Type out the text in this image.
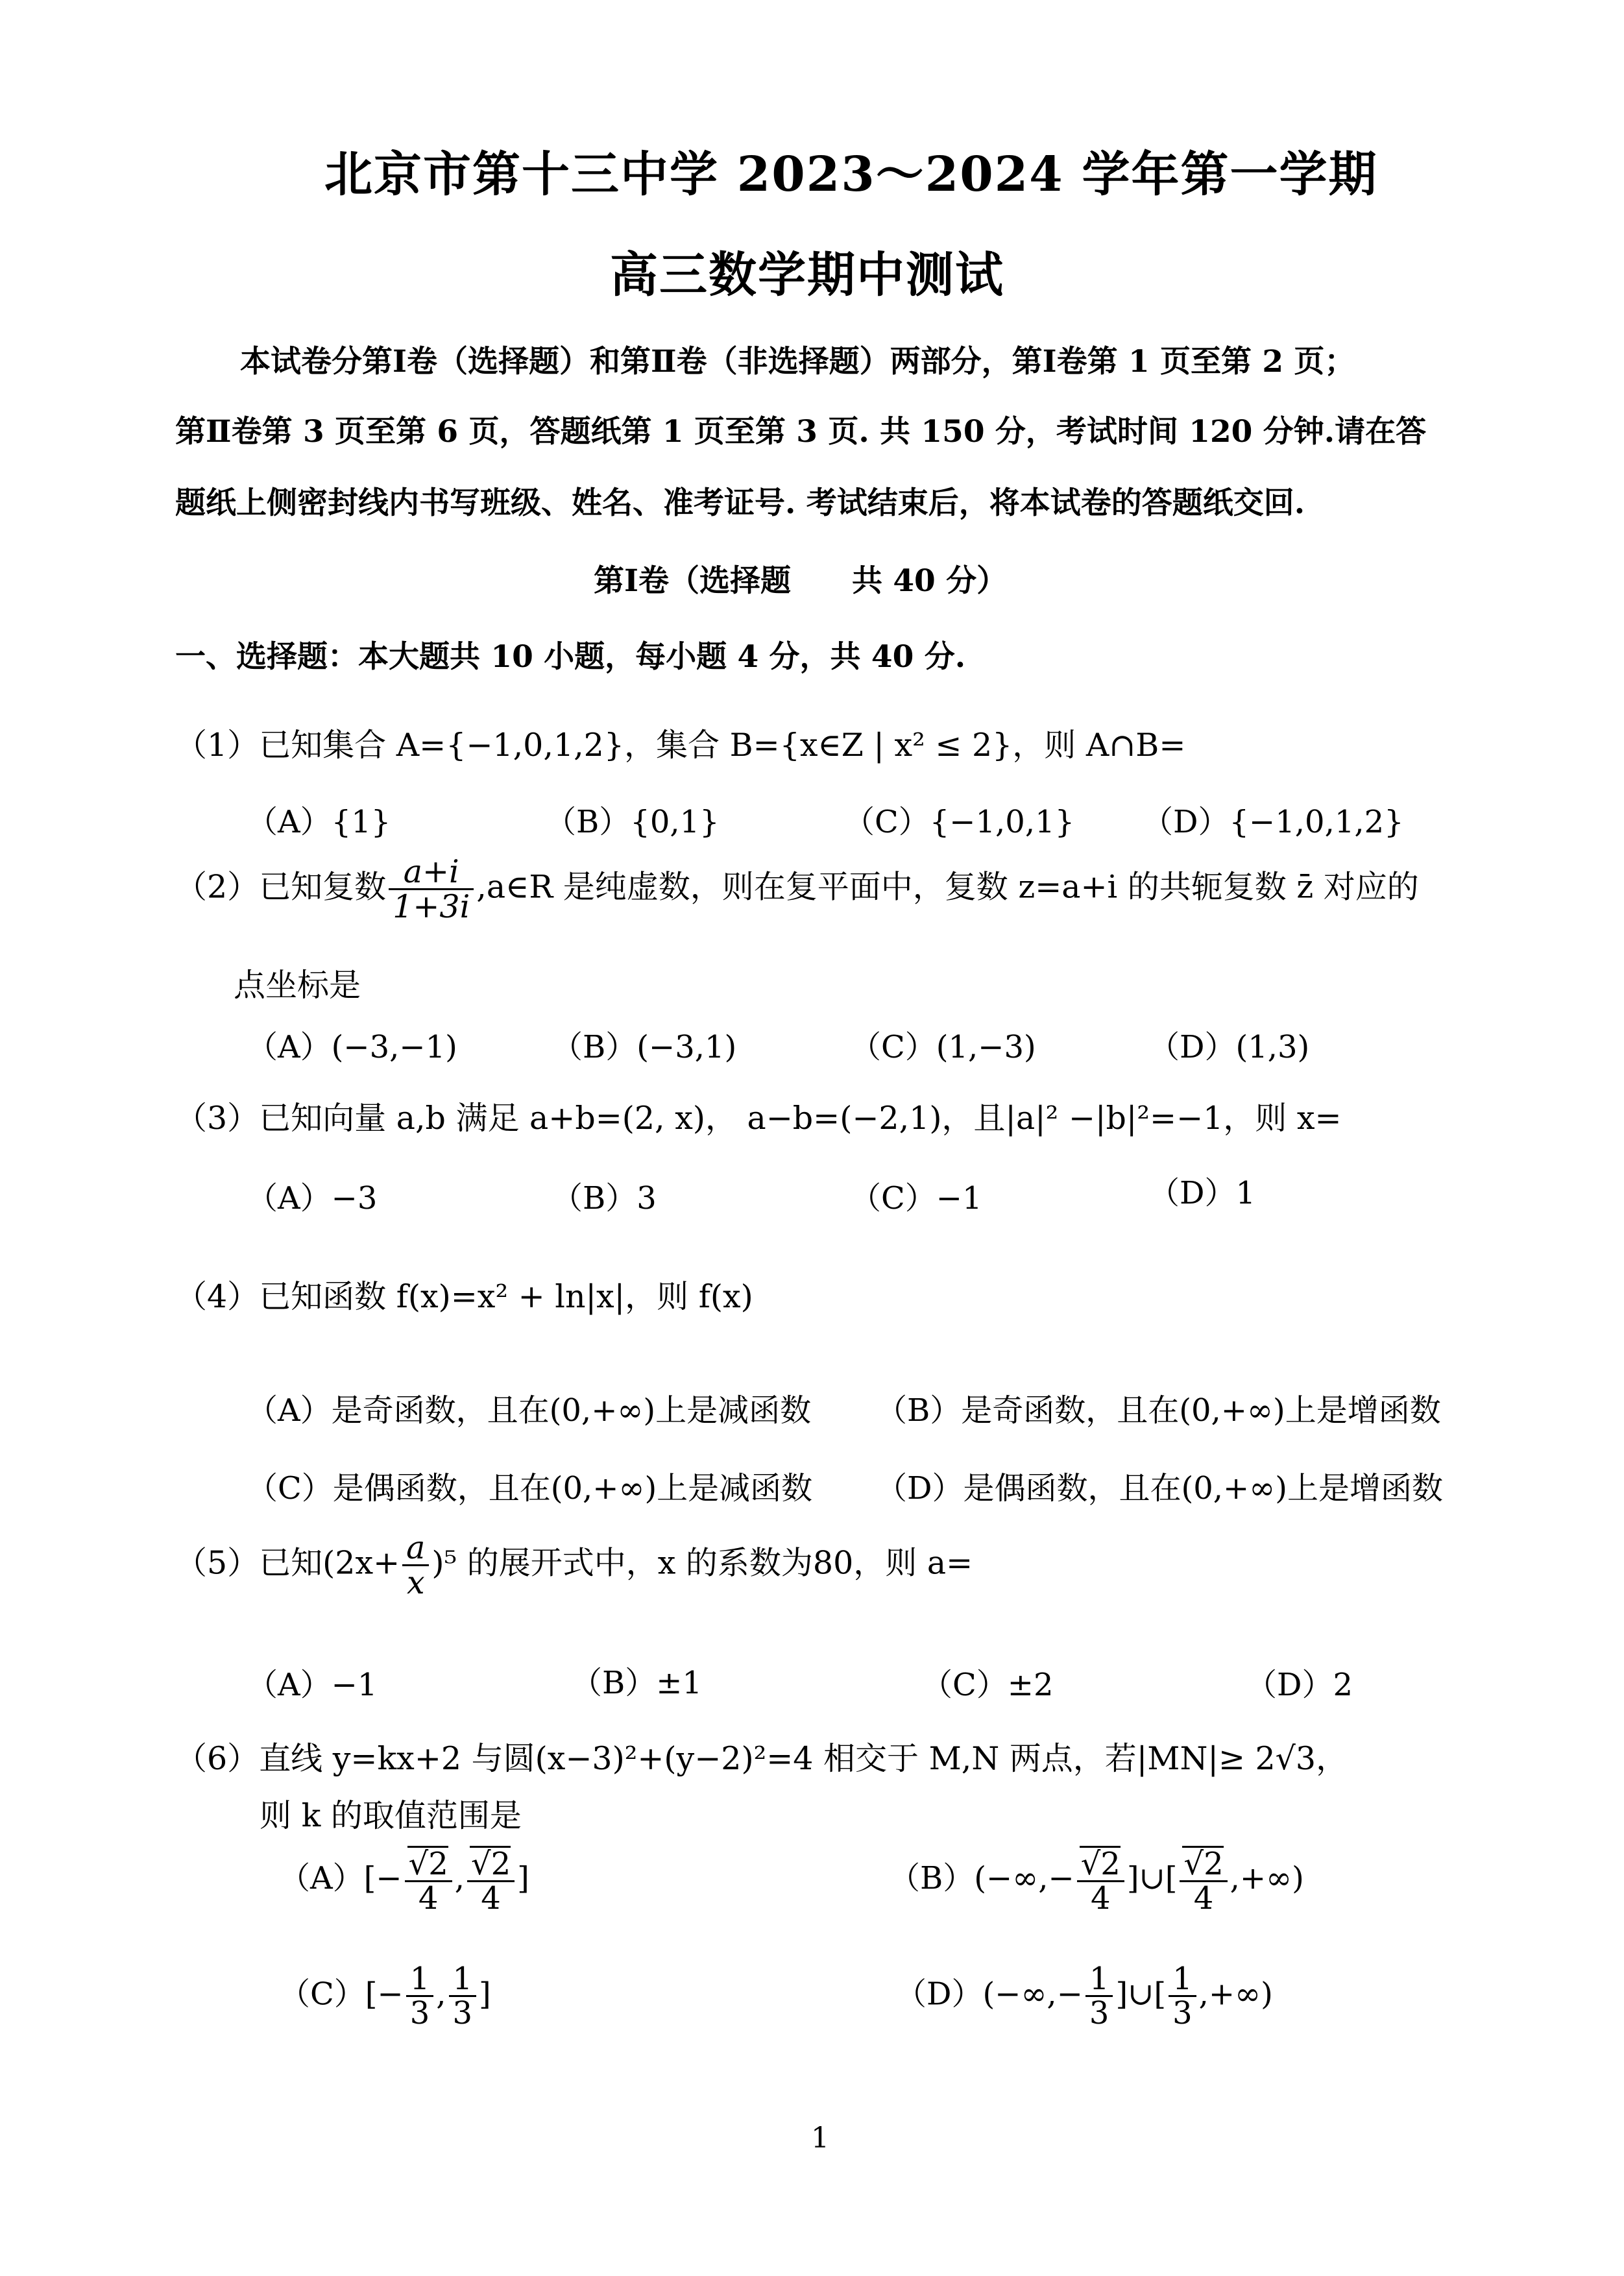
北京市第十三中学 2023～2024 学年第一学期
高三数学期中测试
本试卷分第Ⅰ卷（选择题）和第Ⅱ卷（非选择题）两部分，第Ⅰ卷第 1 页至第 2 页；
第Ⅱ卷第 3 页至第 6 页，答题纸第 1 页至第 3 页. 共 150 分，考试时间 120 分钟.请在答
题纸上侧密封线内书写班级、姓名、准考证号. 考试结束后，将本试卷的答题纸交回.
第Ⅰ卷（选择题　　共 40 分）
一、选择题：本大题共 10 小题，每小题 4 分，共 40 分.
（1）已知集合 A={−1,0,1,2}，集合 B={x∈Z | x² ≤ 2}，则 A∩B=
（A）{1}	（B）{0,1}	（C）{−1,0,1} （D）{−1,0,1,2}
（2）已知复数 $\frac{a+i}{1+3i}$ ,a∈R 是纯虚数，则在复平面中，复数 z=a+i 的共轭复数 z̄ 对应的
点坐标是
（A）(−3,−1)	（B）(−3,1)	（C）(1,−3)	（D）(1,3)
（3）已知向量 a,b 满足 a+b=(2, x)， a−b=(−2,1)，且|a|² −|b|²=−1，则 x=
（A）−3	（B）3	（C）−1	（D）1
（4）已知函数 f(x)=x² + ln|x|，则 f(x)
（A）是奇函数，且在(0,+∞)上是减函数 （B）是奇函数，且在(0,+∞)上是增函数
（C）是偶函数，且在(0,+∞)上是减函数 （D）是偶函数，且在(0,+∞)上是增函数
（5）已知$(2x+ \frac{a}{x} )^5$ 的展开式中，x 的系数为80，则 a=
（A）−1	（B）±1	（C）±2	（D）2
（6）直线 y=kx+2 与圆(x−3)²+(y−2)²=4 相交于 M,N 两点，若|MN|≥ 2√3，
则 k 的取值范围是
$(A)[- \frac{√2}{4}$ , $\frac{√2}{4}$ ]	$(B)(-\infty,- \frac{√2}{4}$ ]∪[ $\frac{√2}{4}$ ,+∞)
$(C)[- \frac{1}{3}$ , $\frac{1}{3}$ ]	$(D)(-\infty,- \frac{1}{3}$ ]∪[ $\frac{1}{3}$ ,+∞)
1
